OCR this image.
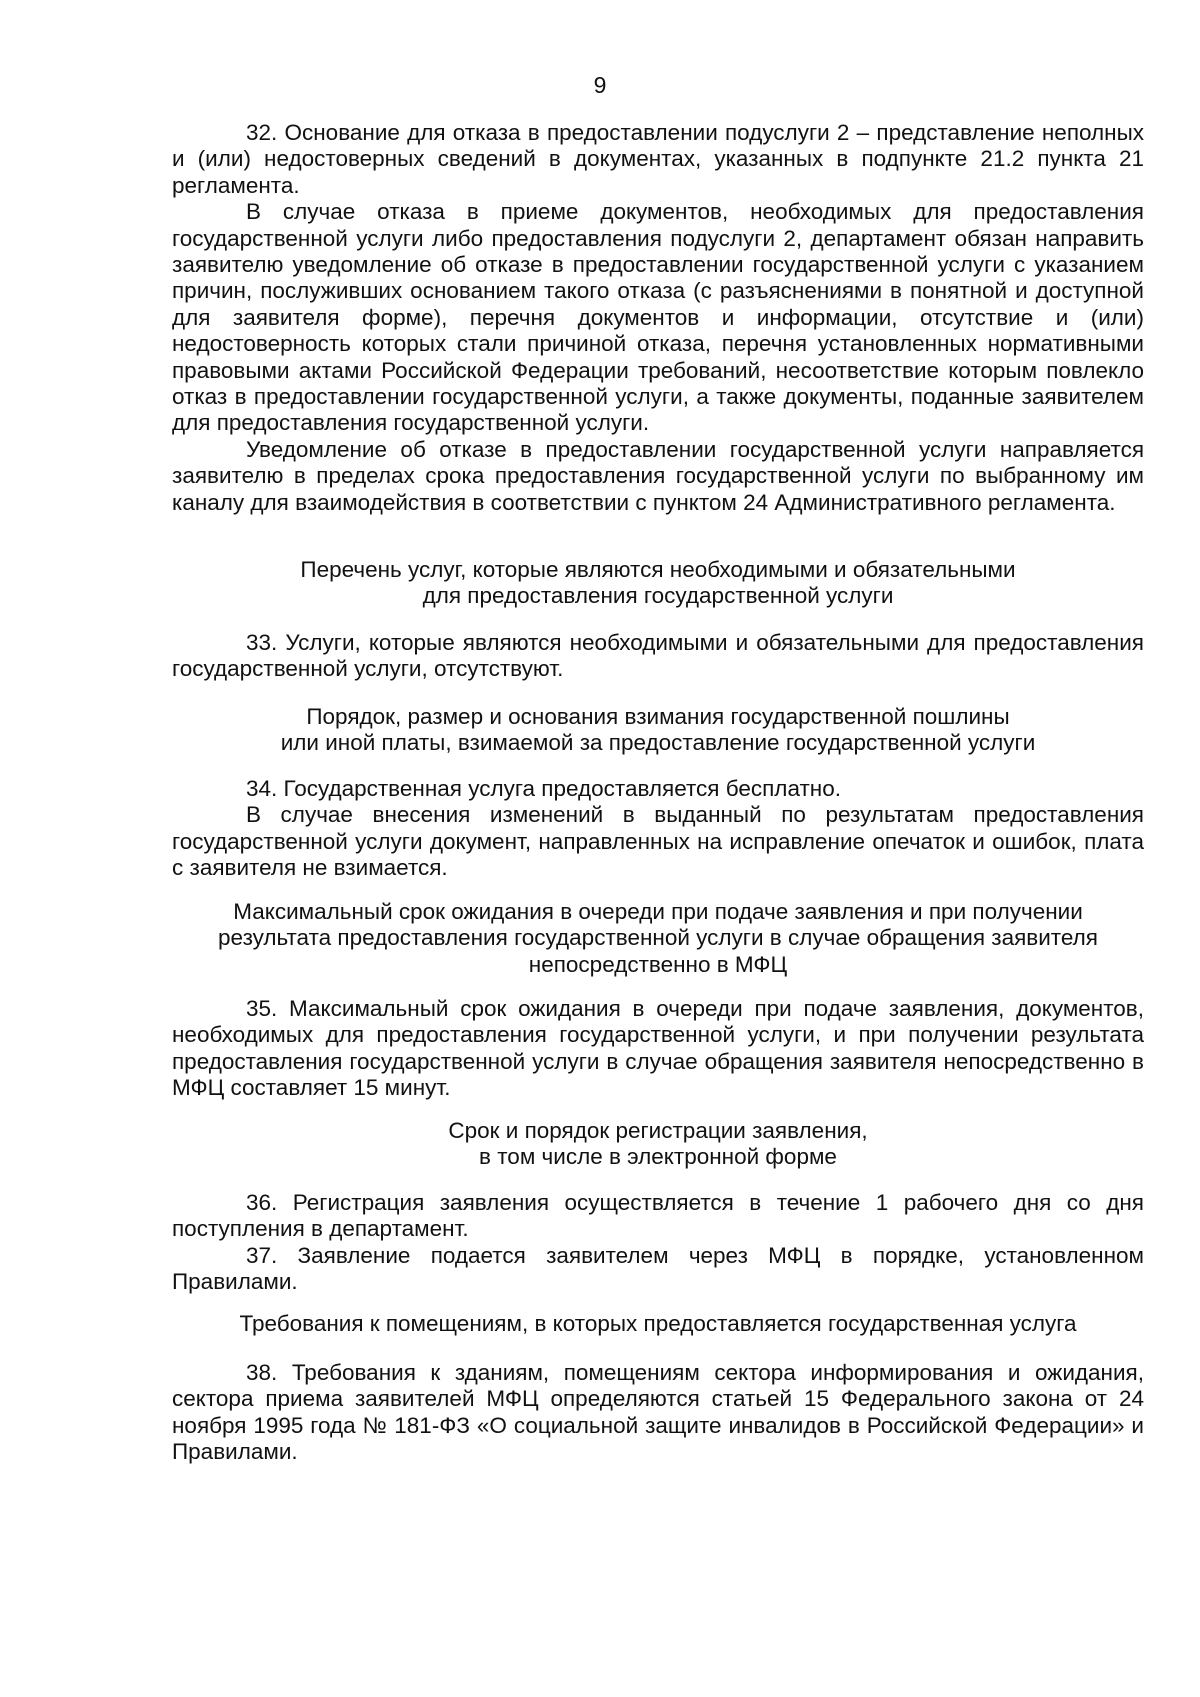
9

32. Основание для отказа в предоставлении подуслуги 2 – представление неполных и (или) недостоверных сведений в документах, указанных в подпункте 21.2 пункта 21 регламента.

В случае отказа в приеме документов, необходимых для предоставления государственной услуги либо предоставления подуслуги 2, департамент обязан направить заявителю уведомление об отказе в предоставлении государственной услуги с указанием причин, послуживших основанием такого отказа (с разъяснениями в понятной и доступной для заявителя форме), перечня документов и информации, отсутствие и (или) недостоверность которых стали причиной отказа, перечня установленных нормативными правовыми актами Российской Федерации требований, несоответствие которым повлекло отказ в предоставлении государственной услуги, а также документы, поданные заявителем для предоставления государственной услуги.

Уведомление об отказе в предоставлении государственной услуги направляется заявителю в пределах срока предоставления государственной услуги по выбранному им каналу для взаимодействия в соответствии с пунктом 24 Административного регламента.

Перечень услуг, которые являются необходимыми и обязательными
для предоставления государственной услуги

33. Услуги, которые являются необходимыми и обязательными для предоставления государственной услуги, отсутствуют.

Порядок, размер и основания взимания государственной пошлины
или иной платы, взимаемой за предоставление государственной услуги

34. Государственная услуга предоставляется бесплатно.

В случае внесения изменений в выданный по результатам предоставления государственной услуги документ, направленных на исправление опечаток и ошибок, плата с заявителя не взимается.

Максимальный срок ожидания в очереди при подаче заявления и при получении
результата предоставления государственной услуги в случае обращения заявителя
непосредственно в МФЦ

35. Максимальный срок ожидания в очереди при подаче заявления, документов, необходимых для предоставления государственной услуги, и при получении результата предоставления государственной услуги в случае обращения заявителя непосредственно в МФЦ составляет 15 минут.

Срок и порядок регистрации заявления,
в том числе в электронной форме

36. Регистрация заявления осуществляется в течение 1 рабочего дня со дня поступления в департамент.

37. Заявление подается заявителем через МФЦ в порядке, установленном Правилами.

Требования к помещениям, в которых предоставляется государственная услуга

38. Требования к зданиям, помещениям сектора информирования и ожидания, сектора приема заявителей МФЦ определяются статьей 15 Федерального закона от 24 ноября 1995 года № 181-ФЗ «О социальной защите инвалидов в Российской Федерации» и Правилами.
